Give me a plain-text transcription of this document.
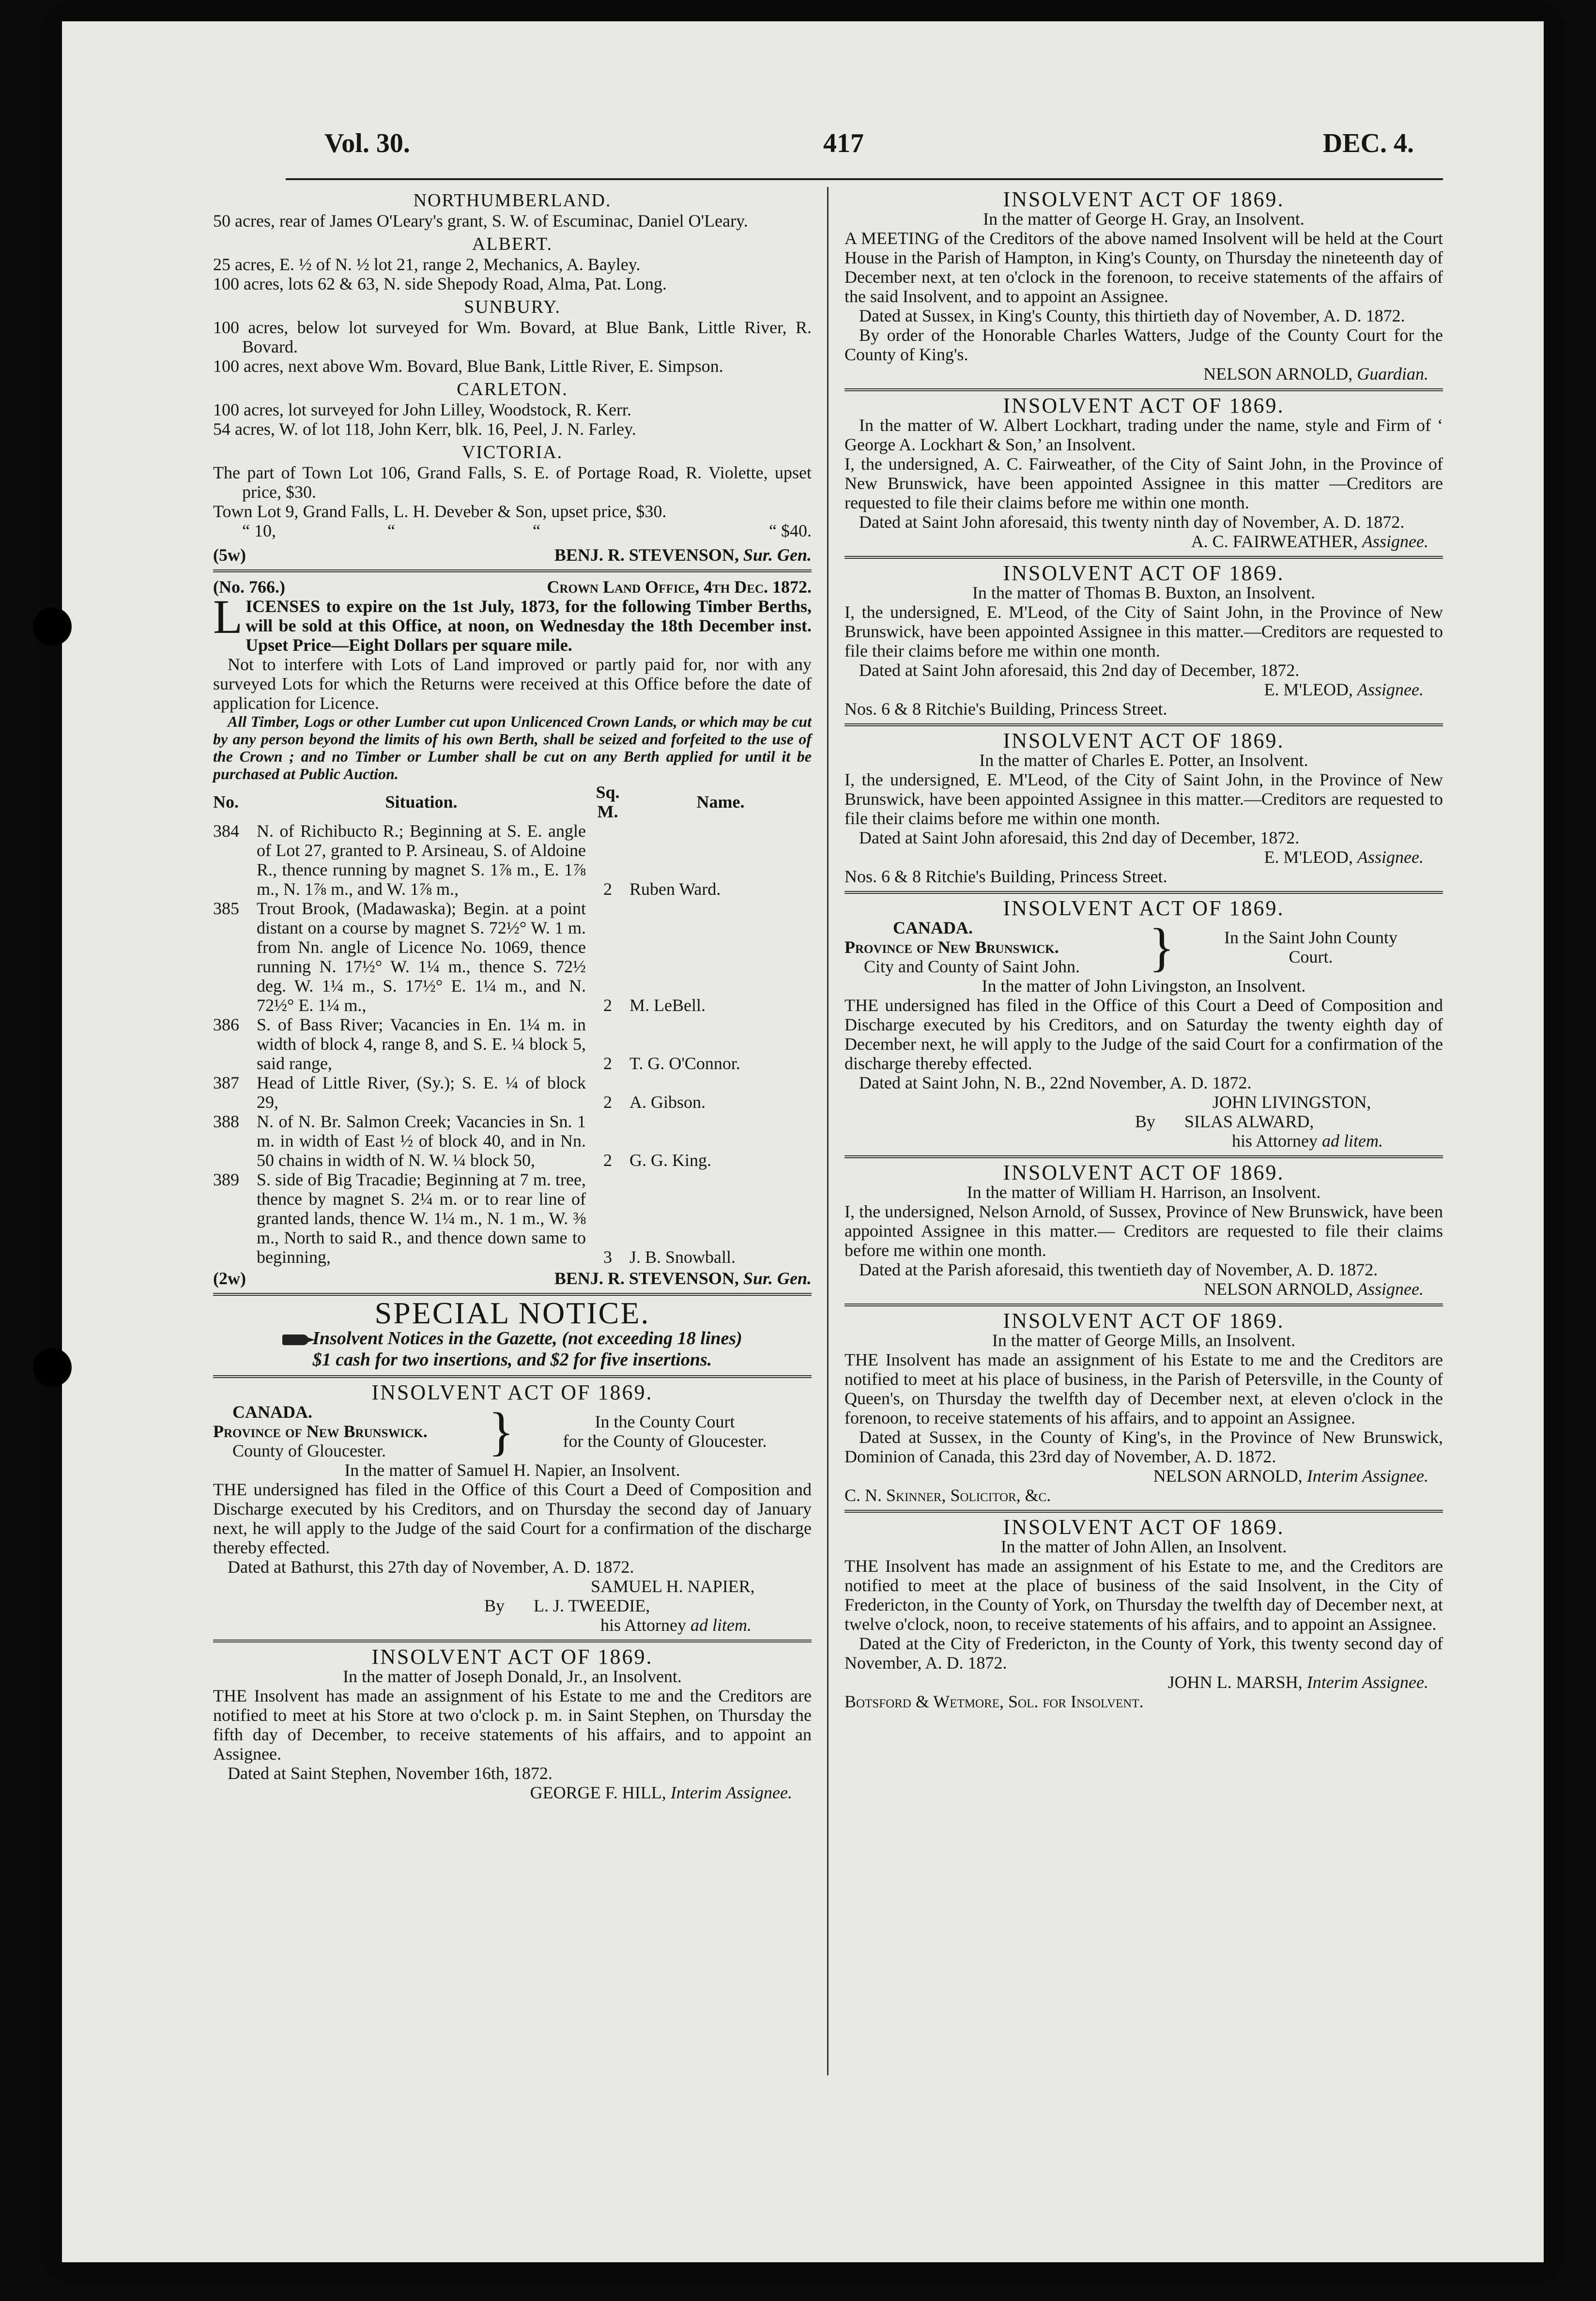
Vol. 30.	417	DEC. 4.
NORTHUMBERLAND.

50 acres, rear of James O'Leary's grant, S. W. of Escuminac, Daniel O'Leary.

ALBERT.

25 acres, E. ½ of N. ½ lot 21, range 2, Mechanics, A. Bayley.

100 acres, lots 62 & 63, N. side Shepody Road, Alma, Pat. Long.

SUNBURY.

100 acres, below lot surveyed for Wm. Bovard, at Blue Bank, Little River, R. Bovard.

100 acres, next above Wm. Bovard, Blue Bank, Little River, E. Simpson.

CARLETON.

100 acres, lot surveyed for John Lilley, Woodstock, R. Kerr.

54 acres, W. of lot 118, John Kerr, blk. 16, Peel, J. N. Farley.

VICTORIA.

The part of Town Lot 106, Grand Falls, S. E. of Portage Road, R. Violette, upset price, $30.

Town Lot 9, Grand Falls, L. H. Deveber & Son, upset price, $30.

“ 10,	“	“	“ $40.
(5w)	BENJ. R. STEVENSON, Sur. Gen.
(No. 766.)	Crown Land Office, 4th Dec. 1872.

LICENSES to expire on the 1st July, 1873, for the following Timber Berths, will be sold at this Office, at noon, on Wednesday the 18th December inst. Upset Price—Eight Dollars per square mile.

Not to interfere with Lots of Land improved or partly paid for, nor with any surveyed Lots for which the Returns were received at this Office before the date of application for Licence.

All Timber, Logs or other Lumber cut upon Unlicenced Crown Lands, or which may be cut by any person beyond the limits of his own Berth, shall be seized and forfeited to the use of the Crown ; and no Timber or Lumber shall be cut on any Berth applied for until it be purchased at Public Auction.

No.	Situation.	Sq. M.	Name.
384	N. of Richibucto R.; Beginning at S. E. angle of Lot 27, granted to P. Arsineau, S. of Aldoine R., thence running by magnet S. 1⅞ m., E. 1⅞ m., N. 1⅞ m., and W. 1⅞ m.,	2	Ruben Ward.
385	Trout Brook, (Madawaska); Begin. at a point distant on a course by magnet S. 72½° W. 1 m. from Nn. angle of Licence No. 1069, thence running N. 17½° W. 1¼ m., thence S. 72½ deg. W. 1¼ m., S. 17½° E. 1¼ m., and N. 72½° E. 1¼ m.,	2	M. LeBell.
386	S. of Bass River; Vacancies in En. 1¼ m. in width of block 4, range 8, and S. E. ¼ block 5, said range,	2	T. G. O'Connor.
387	Head of Little River, (Sy.); S. E. ¼ of block 29,	2	A. Gibson.
388	N. of N. Br. Salmon Creek; Vacancies in Sn. 1 m. in width of East ½ of block 40, and in Nn. 50 chains in width of N. W. ¼ block 50,	2	G. G. King.
389	S. side of Big Tracadie; Beginning at 7 m. tree, thence by magnet S. 2¼ m. or to rear line of granted lands, thence W. 1¼ m., N. 1 m., W. ⅜ m., North to said R., and thence down same to beginning,	3	J. B. Snowball.
(2w)	BENJ. R. STEVENSON, Sur. Gen.
SPECIAL NOTICE.

Insolvent Notices in the Gazette, (not exceeding 18 lines)

$1 cash for two insertions, and $2 for five insertions.

INSOLVENT ACT OF 1869.
CANADA.
Province of New Brunswick.
County of Gloucester.	}	In the County Court
for the County of Gloucester.

In the matter of Samuel H. Napier, an Insolvent.

THE undersigned has filed in the Office of this Court a Deed of Composition and Discharge executed by his Creditors, and on Thursday the second day of January next, he will apply to the Judge of the said Court for a confirmation of the discharge thereby effected.

Dated at Bathurst, this 27th day of November, A. D. 1872.

SAMUEL H. NAPIER,

By L. J. TWEEDIE,

his Attorney ad litem.

INSOLVENT ACT OF 1869.

In the matter of Joseph Donald, Jr., an Insolvent.

THE Insolvent has made an assignment of his Estate to me and the Creditors are notified to meet at his Store at two o'clock p. m. in Saint Stephen, on Thursday the fifth day of December, to receive statements of his affairs, and to appoint an Assignee.

Dated at Saint Stephen, November 16th, 1872.

GEORGE F. HILL, Interim Assignee.

INSOLVENT ACT OF 1869.

In the matter of George H. Gray, an Insolvent.

A MEETING of the Creditors of the above named Insolvent will be held at the Court House in the Parish of Hampton, in King's County, on Thursday the nineteenth day of December next, at ten o'clock in the forenoon, to receive statements of the affairs of the said Insolvent, and to appoint an Assignee.

Dated at Sussex, in King's County, this thirtieth day of November, A. D. 1872.

By order of the Honorable Charles Watters, Judge of the County Court for the County of King's.

NELSON ARNOLD, Guardian.

INSOLVENT ACT OF 1869.

In the matter of W. Albert Lockhart, trading under the name, style and Firm of ‘ George A. Lockhart & Son,’ an Insolvent.

I, the undersigned, A. C. Fairweather, of the City of Saint John, in the Province of New Brunswick, have been appointed Assignee in this matter —Creditors are requested to file their claims before me within one month.

Dated at Saint John aforesaid, this twenty ninth day of November, A. D. 1872.

A. C. FAIRWEATHER, Assignee.

INSOLVENT ACT OF 1869.

In the matter of Thomas B. Buxton, an Insolvent.

I, the undersigned, E. M'Leod, of the City of Saint John, in the Province of New Brunswick, have been appointed Assignee in this matter.—Creditors are requested to file their claims before me within one month.

Dated at Saint John aforesaid, this 2nd day of December, 1872.

E. M'LEOD, Assignee.

Nos. 6 & 8 Ritchie's Building, Princess Street.

INSOLVENT ACT OF 1869.

In the matter of Charles E. Potter, an Insolvent.

I, the undersigned, E. M'Leod, of the City of Saint John, in the Province of New Brunswick, have been appointed Assignee in this matter.—Creditors are requested to file their claims before me within one month.

Dated at Saint John aforesaid, this 2nd day of December, 1872.

E. M'LEOD, Assignee.

Nos. 6 & 8 Ritchie's Building, Princess Street.

INSOLVENT ACT OF 1869.
CANADA.
Province of New Brunswick.
City and County of Saint John.	}	In the Saint John County
Court.

In the matter of John Livingston, an Insolvent.

THE undersigned has filed in the Office of this Court a Deed of Composition and Discharge executed by his Creditors, and on Saturday the twenty eighth day of December next, he will apply to the Judge of the said Court for a confirmation of the discharge thereby effected.

Dated at Saint John, N. B., 22nd November, A. D. 1872.

JOHN LIVINGSTON,

By SILAS ALWARD,

his Attorney ad litem.

INSOLVENT ACT OF 1869.

In the matter of William H. Harrison, an Insolvent.

I, the undersigned, Nelson Arnold, of Sussex, Province of New Brunswick, have been appointed Assignee in this matter.— Creditors are requested to file their claims before me within one month.

Dated at the Parish aforesaid, this twentieth day of November, A. D. 1872.

NELSON ARNOLD, Assignee.

INSOLVENT ACT OF 1869.

In the matter of George Mills, an Insolvent.

THE Insolvent has made an assignment of his Estate to me and the Creditors are notified to meet at his place of business, in the Parish of Petersville, in the County of Queen's, on Thursday the twelfth day of December next, at eleven o'clock in the forenoon, to receive statements of his affairs, and to appoint an Assignee.

Dated at Sussex, in the County of King's, in the Province of New Brunswick, Dominion of Canada, this 23rd day of November, A. D. 1872.

NELSON ARNOLD, Interim Assignee.

C. N. Skinner, Solicitor, &c.

INSOLVENT ACT OF 1869.

In the matter of John Allen, an Insolvent.

THE Insolvent has made an assignment of his Estate to me, and the Creditors are notified to meet at the place of business of the said Insolvent, in the City of Fredericton, in the County of York, on Thursday the twelfth day of December next, at twelve o'clock, noon, to receive statements of his affairs, and to appoint an Assignee.

Dated at the City of Fredericton, in the County of York, this twenty second day of November, A. D. 1872.

JOHN L. MARSH, Interim Assignee.

Botsford & Wetmore, Sol. for Insolvent.
